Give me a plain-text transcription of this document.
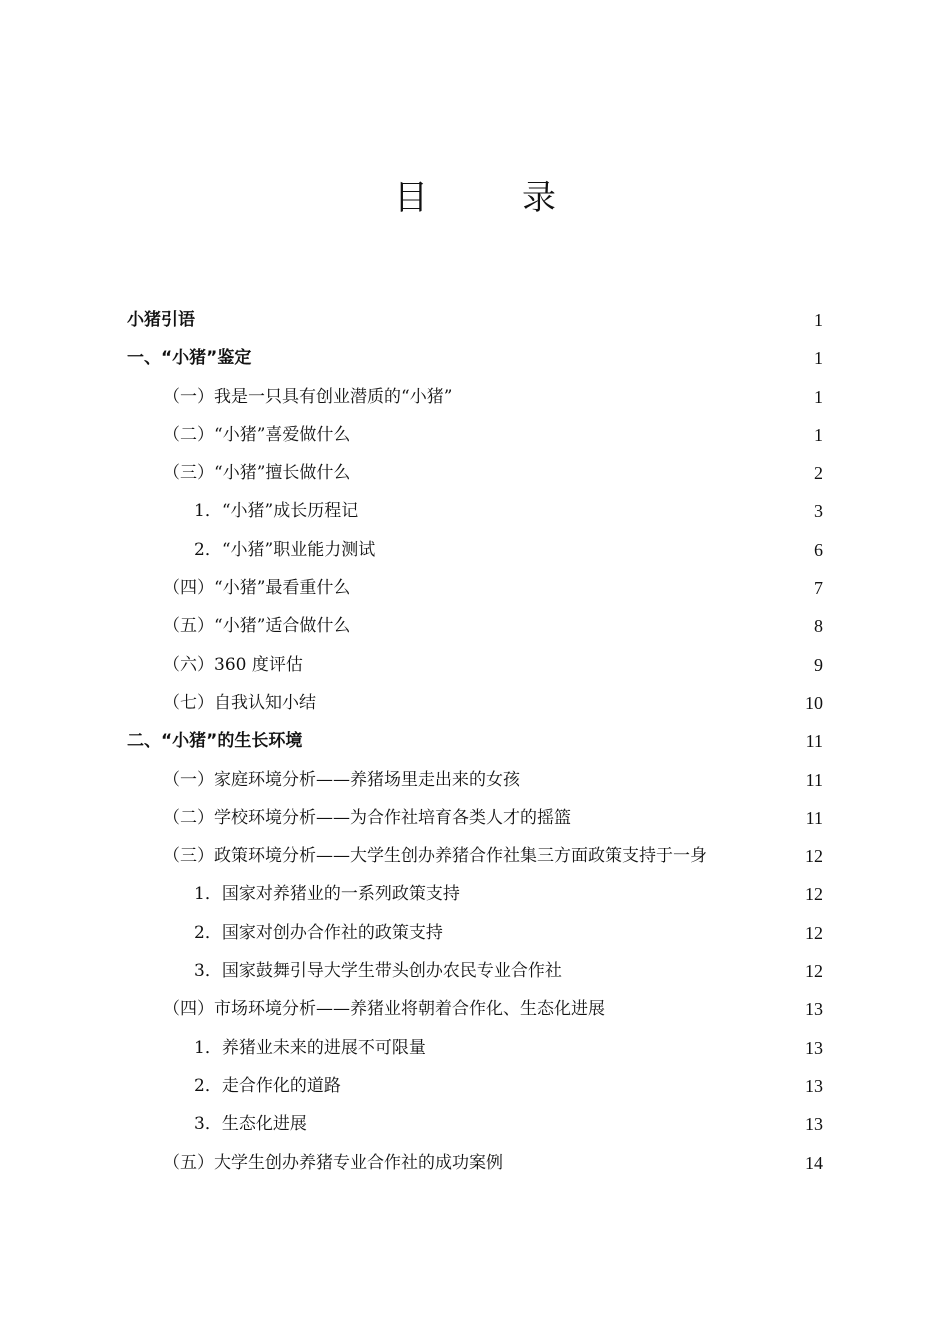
目　录
小猪引语	1
一、“小猪”鉴定	1
（一）我是一只具有创业潜质的“小猪”	1
（二）“小猪”喜爱做什么	1
（三）“小猪”擅长做什么	2
1．“小猪”成长历程记	3
2．“小猪”职业能力测试	6
（四）“小猪”最看重什么	7
（五）“小猪”适合做什么	8
（六）360 度评估	9
（七）自我认知小结	10
二、“小猪”的生长环境	11
（一）家庭环境分析——养猪场里走出来的女孩	11
（二）学校环境分析——为合作社培育各类人才的摇篮	11
（三）政策环境分析——大学生创办养猪合作社集三方面政策支持于一身	12
1．国家对养猪业的一系列政策支持	12
2．国家对创办合作社的政策支持	12
3．国家鼓舞引导大学生带头创办农民专业合作社	12
（四）市场环境分析——养猪业将朝着合作化、生态化进展	13
1．养猪业未来的进展不可限量	13
2．走合作化的道路	13
3．生态化进展	13
（五）大学生创办养猪专业合作社的成功案例	14
